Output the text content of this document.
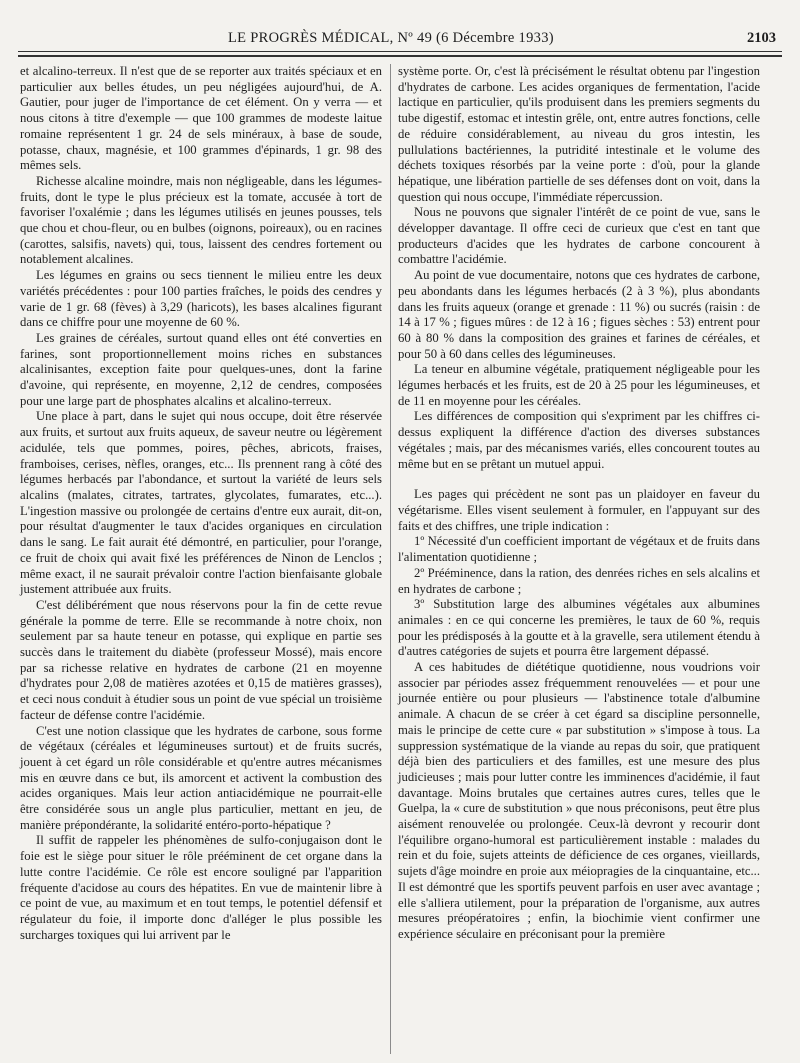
LE PROGRÈS MÉDICAL, Nº 49 (6 Décembre 1933)	2103

et alcalino-terreux. Il n'est que de se reporter aux traités spéciaux et en particulier aux belles études, un peu négligées aujourd'hui, de A. Gautier, pour juger de l'importance de cet élément. On y verra — et nous citons à titre d'exemple — que 100 grammes de modeste laitue romaine représentent 1 gr. 24 de sels minéraux, à base de soude, potasse, chaux, magnésie, et 100 grammes d'épinards, 1 gr. 98 des mêmes sels.

Richesse alcaline moindre, mais non négligeable, dans les légumes-fruits, dont le type le plus précieux est la tomate, accusée à tort de favoriser l'oxalémie ; dans les légumes utilisés en jeunes pousses, tels que chou et chou-fleur, ou en bulbes (oignons, poireaux), ou en racines (carottes, salsifis, navets) qui, tous, laissent des cendres fortement ou notablement alcalines.

Les légumes en grains ou secs tiennent le milieu entre les deux variétés précédentes : pour 100 parties fraîches, le poids des cendres y varie de 1 gr. 68 (fèves) à 3,29 (haricots), les bases alcalines figurant dans ce chiffre pour une moyenne de 60 %.

Les graines de céréales, surtout quand elles ont été converties en farines, sont proportionnellement moins riches en substances alcalinisantes, exception faite pour quelques-unes, dont la farine d'avoine, qui représente, en moyenne, 2,12 de cendres, composées pour une large part de phosphates alcalins et alcalino-terreux.

Une place à part, dans le sujet qui nous occupe, doit être réservée aux fruits, et surtout aux fruits aqueux, de saveur neutre ou légèrement acidulée, tels que pommes, poires, pêches, abricots, fraises, framboises, cerises, nèfles, oranges, etc... Ils prennent rang à côté des légumes herbacés par l'abondance, et surtout la variété de leurs sels alcalins (malates, citrates, tartrates, glycolates, fumarates, etc...). L'ingestion massive ou prolongée de certains d'entre eux aurait, dit-on, pour résultat d'augmenter le taux d'acides organiques en circulation dans le sang. Le fait aurait été démontré, en particulier, pour l'orange, ce fruit de choix qui avait fixé les préférences de Ninon de Lenclos ; même exact, il ne saurait prévaloir contre l'action bienfaisante globale justement attribuée aux fruits.

C'est délibérément que nous réservons pour la fin de cette revue générale la pomme de terre. Elle se recommande à notre choix, non seulement par sa haute teneur en potasse, qui explique en partie ses succès dans le traitement du diabète (professeur Mossé), mais encore par sa richesse relative en hydrates de carbone (21 en moyenne d'hydrates pour 2,08 de matières azotées et 0,15 de matières grasses), et ceci nous conduit à étudier sous un point de vue spécial un troisième facteur de défense contre l'acidémie.

C'est une notion classique que les hydrates de carbone, sous forme de végétaux (céréales et légumineuses surtout) et de fruits sucrés, jouent à cet égard un rôle considérable et qu'entre autres mécanismes mis en œuvre dans ce but, ils amorcent et activent la combustion des acides organiques. Mais leur action antiacidémique ne pourrait-elle être considérée sous un angle plus particulier, mettant en jeu, de manière prépondérante, la solidarité entéro-porto-hépatique ?

Il suffit de rappeler les phénomènes de sulfo-conjugaison dont le foie est le siège pour situer le rôle prééminent de cet organe dans la lutte contre l'acidémie. Ce rôle est encore souligné par l'apparition fréquente d'acidose au cours des hépatites. En vue de maintenir libre à ce point de vue, au maximum et en tout temps, le potentiel défensif et régulateur du foie, il importe donc d'alléger le plus possible les surcharges toxiques qui lui arrivent par le

système porte. Or, c'est là précisément le résultat obtenu par l'ingestion d'hydrates de carbone. Les acides organiques de fermentation, l'acide lactique en particulier, qu'ils produisent dans les premiers segments du tube digestif, estomac et intestin grêle, ont, entre autres fonctions, celle de réduire considérablement, au niveau du gros intestin, les pullulations bactériennes, la putridité intestinale et le volume des déchets toxiques résorbés par la veine porte : d'où, pour la glande hépatique, une libération partielle de ses défenses dont on voit, dans la question qui nous occupe, l'immédiate répercussion.

Nous ne pouvons que signaler l'intérêt de ce point de vue, sans le développer davantage. Il offre ceci de curieux que c'est en tant que producteurs d'acides que les hydrates de carbone concourent à combattre l'acidémie.

Au point de vue documentaire, notons que ces hydrates de carbone, peu abondants dans les légumes herbacés (2 à 3 %), plus abondants dans les fruits aqueux (orange et grenade : 11 %) ou sucrés (raisin : de 14 à 17 % ; figues mûres : de 12 à 16 ; figues sèches : 53) entrent pour 60 à 80 % dans la composition des graines et farines de céréales, et pour 50 à 60 dans celles des légumineuses.

La teneur en albumine végétale, pratiquement négligeable pour les légumes herbacés et les fruits, est de 20 à 25 pour les légumineuses, et de 11 en moyenne pour les céréales.

Les différences de composition qui s'expriment par les chiffres ci-dessus expliquent la différence d'action des diverses substances végétales ; mais, par des mécanismes variés, elles concourent toutes au même but en se prêtant un mutuel appui.

Les pages qui précèdent ne sont pas un plaidoyer en faveur du végétarisme. Elles visent seulement à formuler, en l'appuyant sur des faits et des chiffres, une triple indication :

1º Nécessité d'un coefficient important de végétaux et de fruits dans l'alimentation quotidienne ;

2º Prééminence, dans la ration, des denrées riches en sels alcalins et en hydrates de carbone ;

3º Substitution large des albumines végétales aux albumines animales : en ce qui concerne les premières, le taux de 60 %, requis pour les prédisposés à la goutte et à la gravelle, sera utilement étendu à d'autres catégories de sujets et pourra être largement dépassé.

A ces habitudes de diététique quotidienne, nous voudrions voir associer par périodes assez fréquemment renouvelées — et pour une journée entière ou pour plusieurs — l'abstinence totale d'albumine animale. A chacun de se créer à cet égard sa discipline personnelle, mais le principe de cette cure « par substitution » s'impose à tous. La suppression systématique de la viande au repas du soir, que pratiquent déjà bien des particuliers et des familles, est une mesure des plus judicieuses ; mais pour lutter contre les imminences d'acidémie, il faut davantage. Moins brutales que certaines autres cures, telles que le Guelpa, la « cure de substitution » que nous préconisons, peut être plus aisément renouvelée ou prolongée. Ceux-là devront y recourir dont l'équilibre organo-humoral est particulièrement instable : malades du rein et du foie, sujets atteints de déficience de ces organes, vieillards, sujets d'âge moindre en proie aux méiopragies de la cinquantaine, etc... Il est démontré que les sportifs peuvent parfois en user avec avantage ; elle s'alliera utilement, pour la préparation de l'organisme, aux autres mesures préopératoires ; enfin, la biochimie vient confirmer une expérience séculaire en préconisant pour la première
